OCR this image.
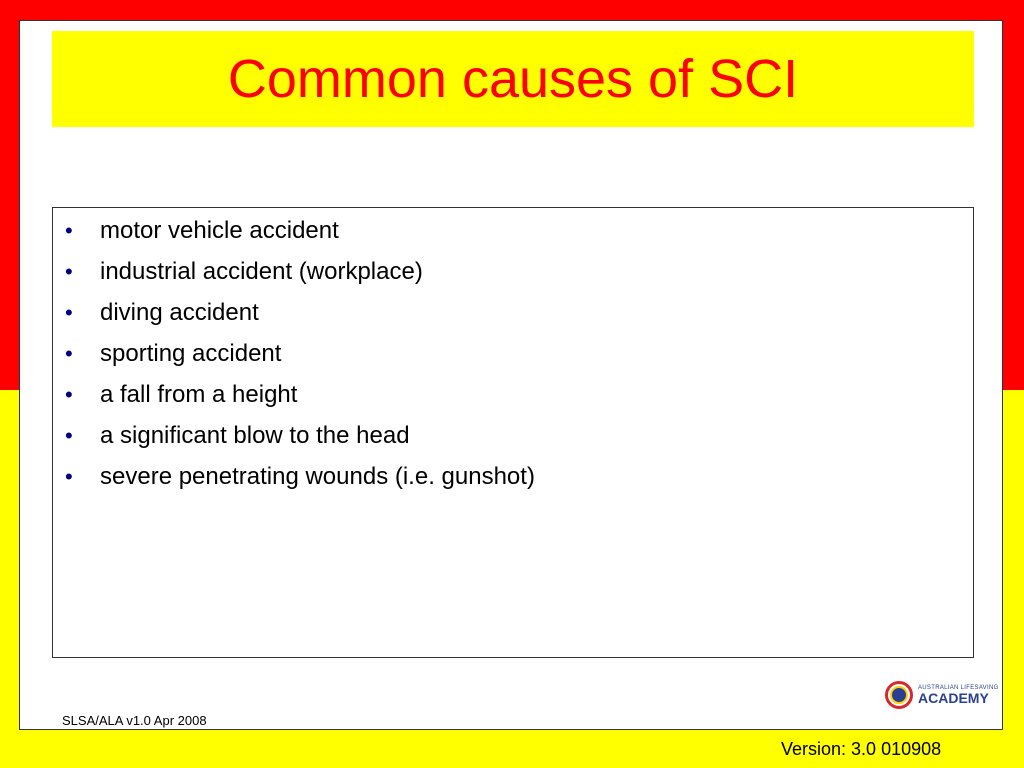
Common causes of SCI
•	motor vehicle accident
•	industrial accident (workplace)
•	diving accident
•	sporting accident
•	a fall from a height
•	a significant blow to the head
•	severe penetrating wounds (i.e. gunshot)
SLSA/ALA v1.0 Apr 2008
AUSTRALIAN LIFESAVING
ACADEMY
Version: 3.0 010908
